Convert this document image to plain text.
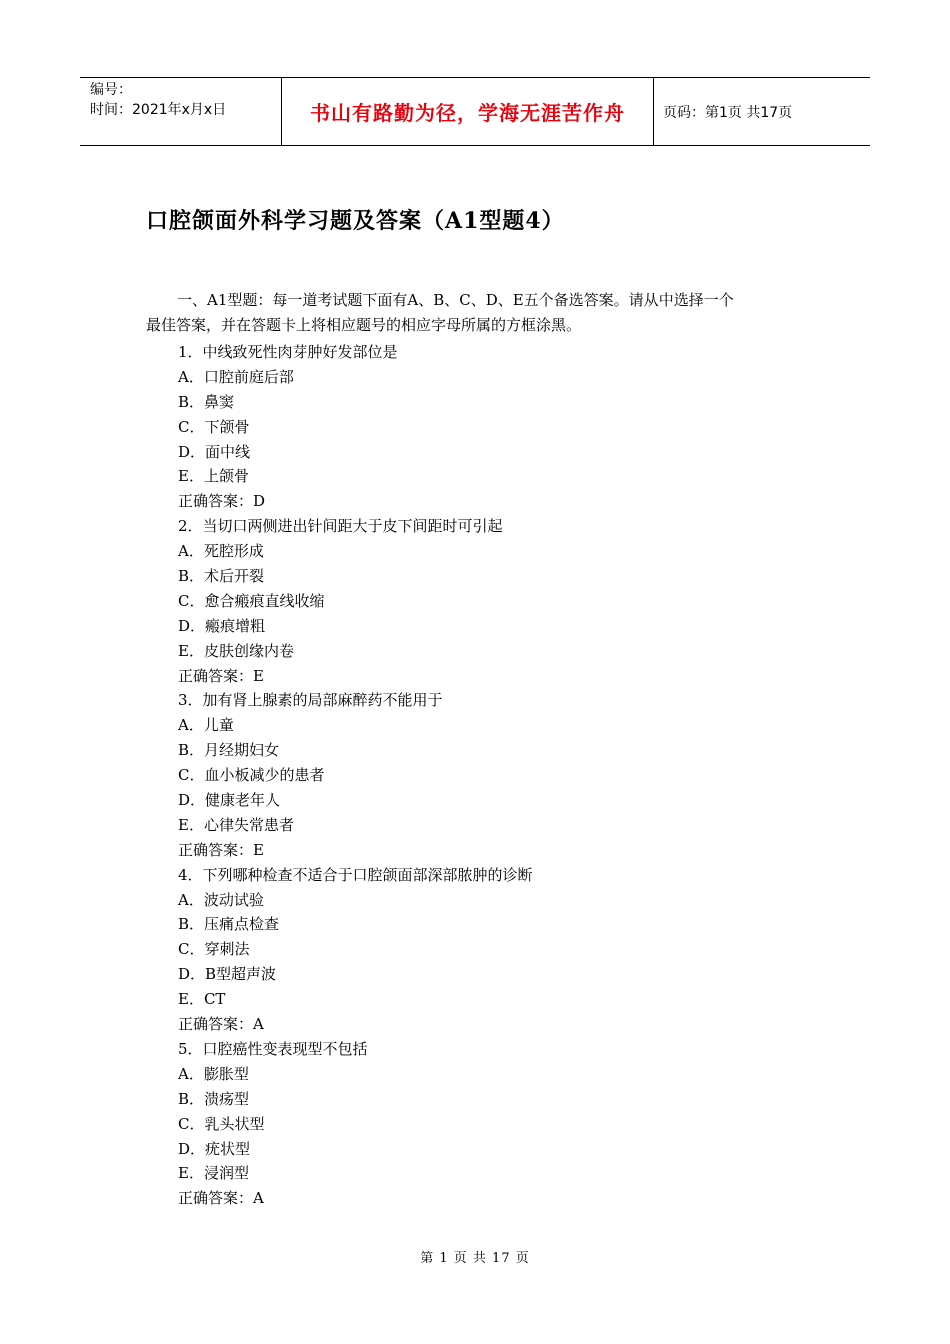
编号：
时间：2021年x月x日	书山有路勤为径，学海无涯苦作舟	页码：第1页 共17页
口腔颌面外科学习题及答案（A1型题4）
一、A1型题：每一道考试题下面有A、B、C、D、E五个备选答案。请从中选择一个
最佳答案，并在答题卡上将相应题号的相应字母所属的方框涂黑。
1．中线致死性肉芽肿好发部位是
A．口腔前庭后部
B．鼻窦
C．下颌骨
D．面中线
E．上颌骨
正确答案：D
2．当切口两侧进出针间距大于皮下间距时可引起
A．死腔形成
B．术后开裂
C．愈合瘢痕直线收缩
D．瘢痕增粗
E．皮肤创缘内卷
正确答案：E
3．加有肾上腺素的局部麻醉药不能用于
A．儿童
B．月经期妇女
C．血小板减少的患者
D．健康老年人
E．心律失常患者
正确答案：E
4．下列哪种检查不适合于口腔颌面部深部脓肿的诊断
A．波动试验
B．压痛点检查
C．穿刺法
D．B型超声波
E．CT
正确答案：A
5．口腔癌性变表现型不包括
A．膨胀型
B．溃疡型
C．乳头状型
D．疣状型
E．浸润型
正确答案：A
第 1 页 共 17 页
